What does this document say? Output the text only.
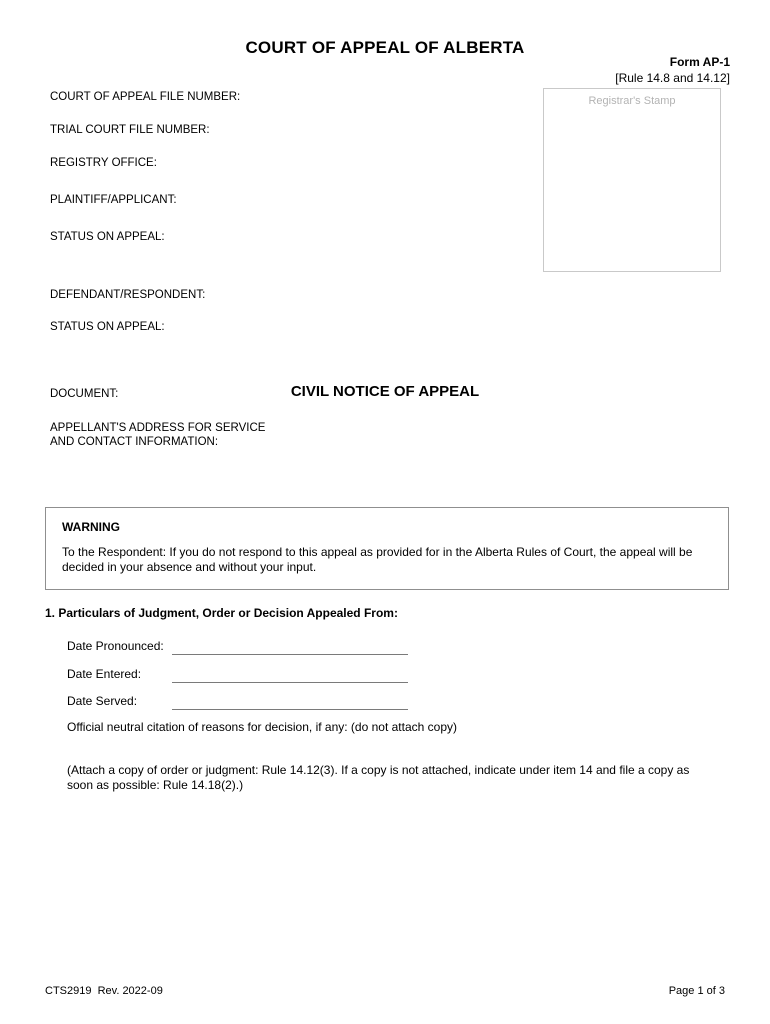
COURT OF APPEAL OF ALBERTA
Form AP-1
[Rule 14.8 and 14.12]
Registrar's Stamp
COURT OF APPEAL FILE NUMBER:
TRIAL COURT FILE NUMBER:
REGISTRY OFFICE:
PLAINTIFF/APPLICANT:
STATUS ON APPEAL:
DEFENDANT/RESPONDENT:
STATUS ON APPEAL:
DOCUMENT:	CIVIL NOTICE OF APPEAL
APPELLANT'S ADDRESS FOR SERVICE
AND CONTACT INFORMATION:
WARNING
To the Respondent: If you do not respond to this appeal as provided for in the Alberta Rules of Court, the appeal will be decided in your absence and without your input.
1. Particulars of Judgment, Order or Decision Appealed From:
Date Pronounced:
Date Entered:
Date Served:
Official neutral citation of reasons for decision, if any: (do not attach copy)
(Attach a copy of order or judgment: Rule 14.12(3). If a copy is not attached, indicate under item 14 and file a copy as soon as possible: Rule 14.18(2).)
CTS2919  Rev. 2022-09	Page 1 of 3
